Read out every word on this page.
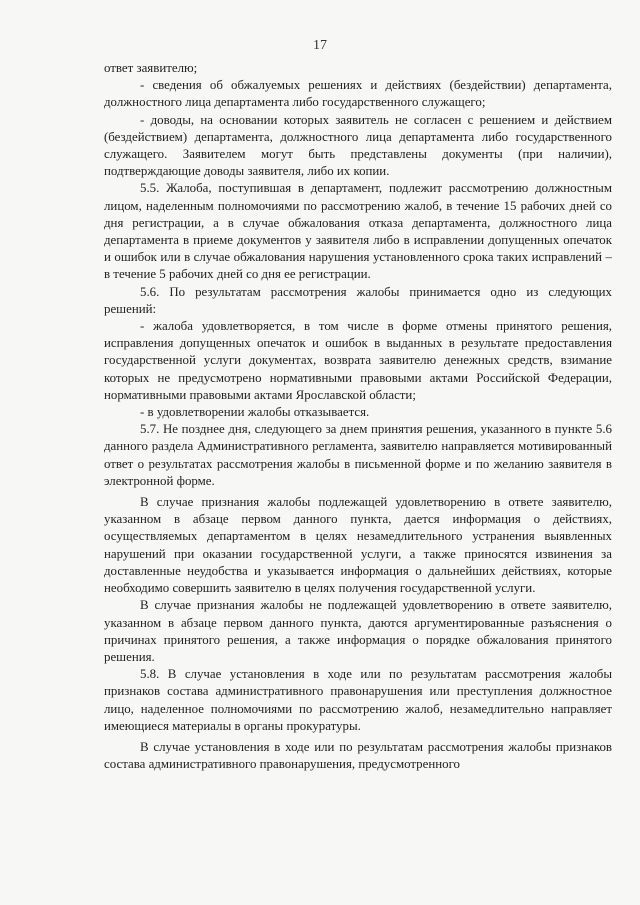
17

ответ заявителю;

- сведения об обжалуемых решениях и действиях (бездействии) департамента, должностного лица департамента либо государственного служащего;

- доводы, на основании которых заявитель не согласен с решением и действием (бездействием) департамента, должностного лица департамента либо государственного служащего. Заявителем могут быть представлены документы (при наличии), подтверждающие доводы заявителя, либо их копии.

5.5. Жалоба, поступившая в департамент, подлежит рассмотрению должностным лицом, наделенным полномочиями по рассмотрению жалоб, в течение 15 рабочих дней со дня регистрации, а в случае обжалования отказа департамента, должностного лица департамента в приеме документов у заявителя либо в исправлении допущенных опечаток и ошибок или в случае обжалования нарушения установленного срока таких исправлений – в течение 5 рабочих дней со дня ее регистрации.

5.6. По результатам рассмотрения жалобы принимается одно из следующих решений:

- жалоба удовлетворяется, в том числе в форме отмены принятого решения, исправления допущенных опечаток и ошибок в выданных в результате предоставления государственной услуги документах, возврата заявителю денежных средств, взимание которых не предусмотрено нормативными правовыми актами Российской Федерации, нормативными правовыми актами Ярославской области;

- в удовлетворении жалобы отказывается.

5.7. Не позднее дня, следующего за днем принятия решения, указанного в пункте 5.6 данного раздела Административного регламента, заявителю направляется мотивированный ответ о результатах рассмотрения жалобы в письменной форме и по желанию заявителя в электронной форме.

В случае признания жалобы подлежащей удовлетворению в ответе заявителю, указанном в абзаце первом данного пункта, дается информация о действиях, осуществляемых департаментом в целях незамедлительного устранения выявленных нарушений при оказании государственной услуги, а также приносятся извинения за доставленные неудобства и указывается информация о дальнейших действиях, которые необходимо совершить заявителю в целях получения государственной услуги.

В случае признания жалобы не подлежащей удовлетворению в ответе заявителю, указанном в абзаце первом данного пункта, даются аргументированные разъяснения о причинах принятого решения, а также информация о порядке обжалования принятого решения.

5.8. В случае установления в ходе или по результатам рассмотрения жалобы признаков состава административного правонарушения или преступления должностное лицо, наделенное полномочиями по рассмотрению жалоб, незамедлительно направляет имеющиеся материалы в органы прокуратуры.

В случае установления в ходе или по результатам рассмотрения жалобы признаков состава административного правонарушения, предусмотренного
